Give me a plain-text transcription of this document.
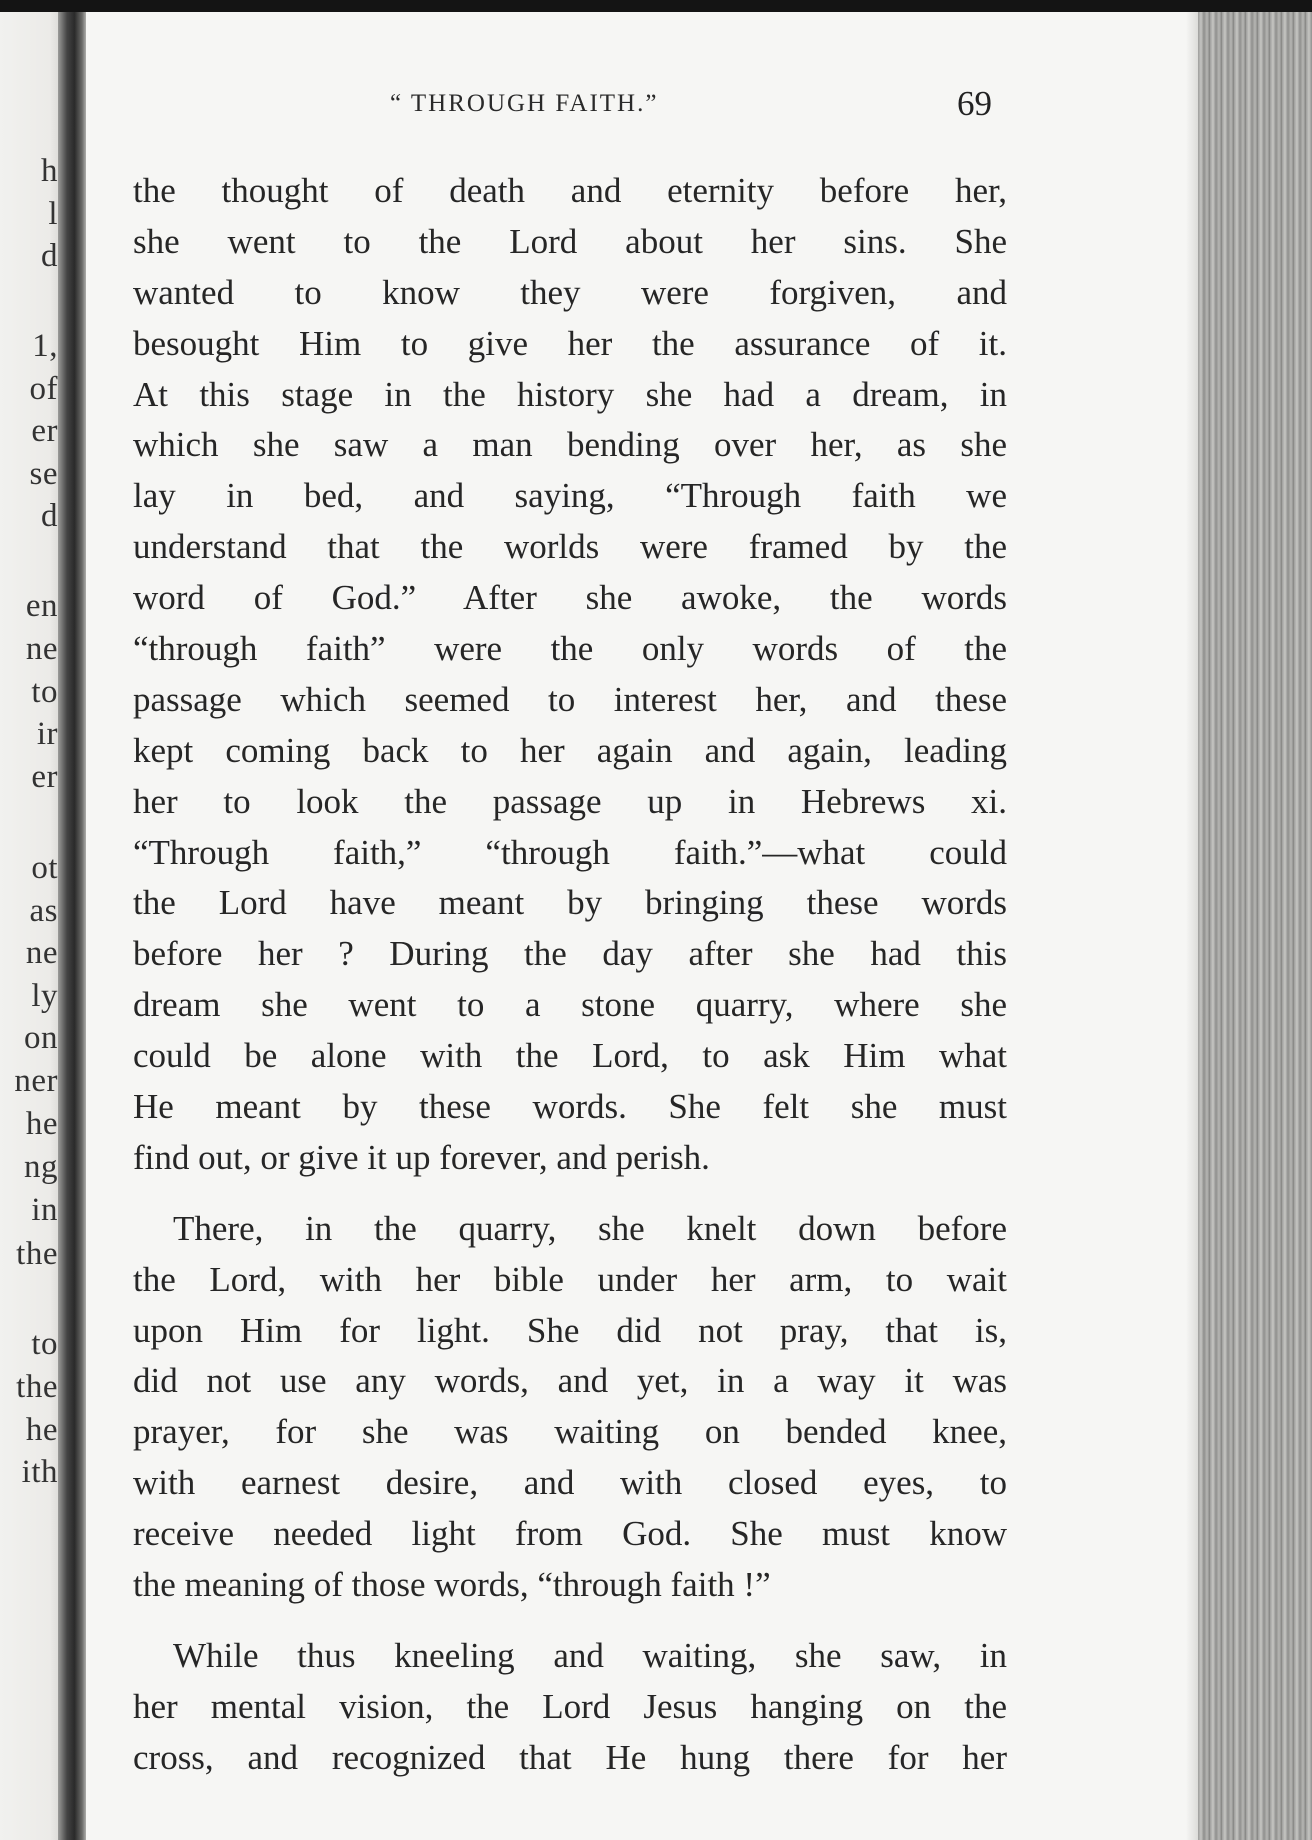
h
l
d
1,
of
er
se
d
en
ne
to
ir
er
ot
as
ne
ly
on
ner
he
ng
in
the
to
the
he
ith
“ THROUGH FAITH.”	69
the thought of death and eternity before her,
she went to the Lord about her sins. She
wanted to know they were forgiven, and
besought Him to give her the assurance of it.
At this stage in the history she had a dream, in
which she saw a man bending over her, as she
lay in bed, and saying, “Through faith we
understand that the worlds were framed by the
word of God.” After she awoke, the words
“through faith” were the only words of the
passage which seemed to interest her, and these
kept coming back to her again and again, leading
her to look the passage up in Hebrews xi.
“Through faith,” “through faith.”—what could
the Lord have meant by bringing these words
before her ? During the day after she had this
dream she went to a stone quarry, where she
could be alone with the Lord, to ask Him what
He meant by these words. She felt she must
find out, or give it up forever, and perish.
There, in the quarry, she knelt down before
the Lord, with her bible under her arm, to wait
upon Him for light. She did not pray, that is,
did not use any words, and yet, in a way it was
prayer, for she was waiting on bended knee,
with earnest desire, and with closed eyes, to
receive needed light from God. She must know
the meaning of those words, “through faith !”
While thus kneeling and waiting, she saw, in
her mental vision, the Lord Jesus hanging on the
cross, and recognized that He hung there for her
